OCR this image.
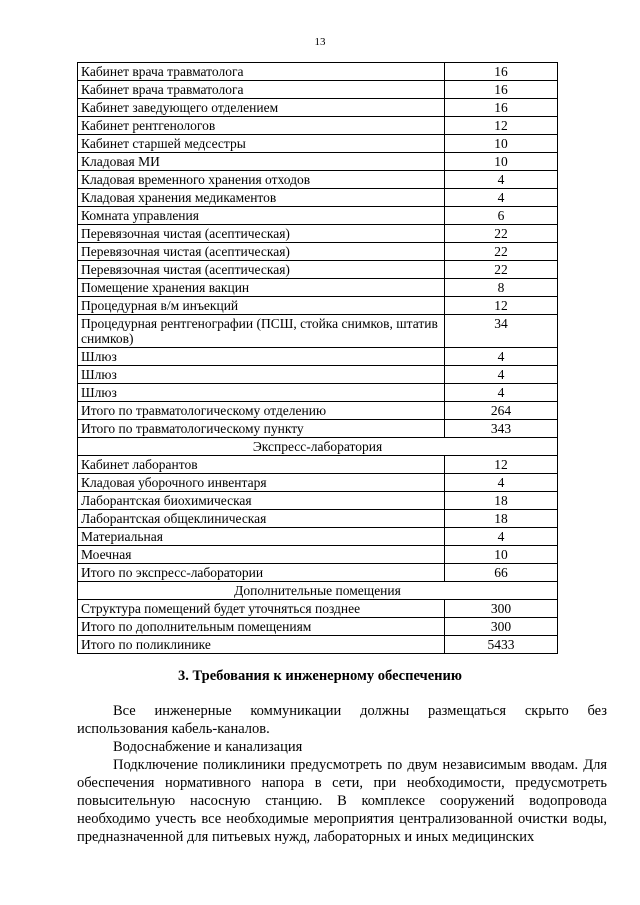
13
Кабинет врача травматолога	16
Кабинет врача травматолога	16
Кабинет заведующего отделением	16
Кабинет рентгенологов	12
Кабинет старшей медсестры	10
Кладовая МИ	10
Кладовая временного хранения отходов	4
Кладовая хранения медикаментов	4
Комната управления	6
Перевязочная чистая (асептическая)	22
Перевязочная чистая (асептическая)	22
Перевязочная чистая (асептическая)	22
Помещение хранения вакцин	8
Процедурная в/м инъекций	12
Процедурная рентгенографии (ПСШ, стойка снимков, штатив снимков)	34
Шлюз	4
Шлюз	4
Шлюз	4
Итого по травматологическому отделению	264
Итого по травматологическому пункту	343
Экспресс-лаборатория	
Кабинет лаборантов	12
Кладовая уборочного инвентаря	4
Лаборантская биохимическая	18
Лаборантская общеклиническая	18
Материальная	4
Моечная	10
Итого по экспресс-лаборатории	66
Дополнительные помещения	
Структура помещений будет уточняться позднее	300
Итого по дополнительным помещениям	300
Итого по поликлинике	5433
3. Требования к инженерному обеспечению

Все инженерные коммуникации должны размещаться скрыто без использования кабель-каналов.

Водоснабжение и канализация

Подключение поликлиники предусмотреть по двум независимым вводам. Для обеспечения нормативного напора в сети, при необходимости, предусмотреть повысительную насосную станцию. В комплексе сооружений водопровода необходимо учесть все необходимые мероприятия централизованной очистки воды, предназначенной для питьевых нужд, лабораторных и иных медицинских
